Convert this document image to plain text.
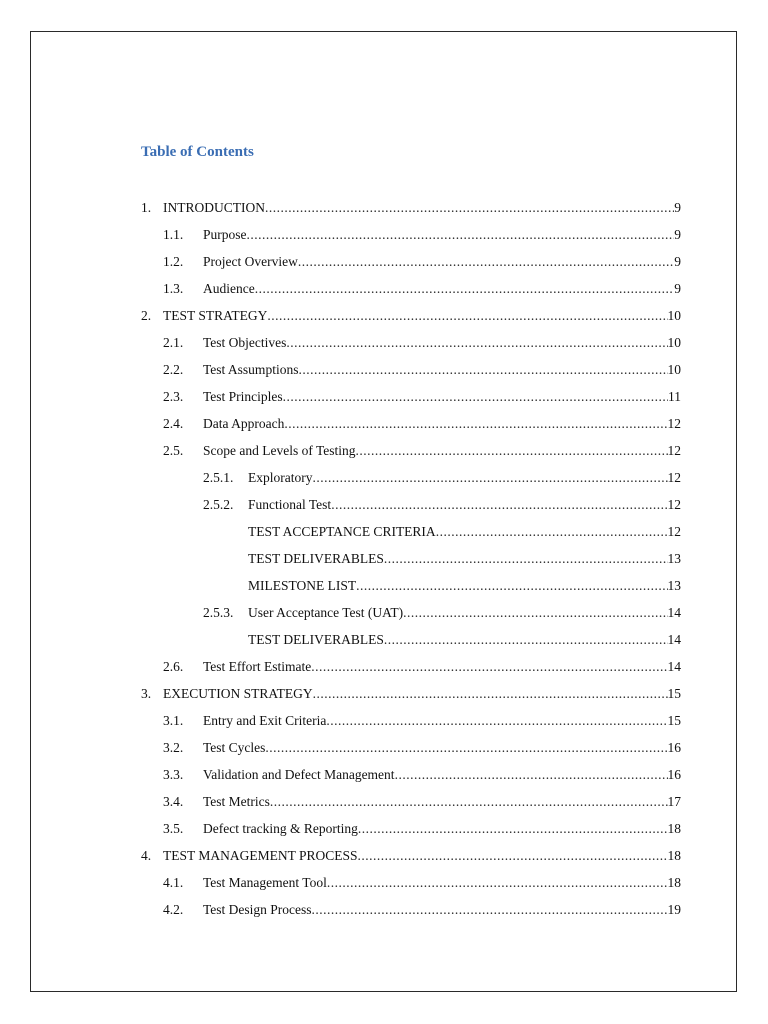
Table of Contents
1. INTRODUCTION .....	9
1.1. Purpose .....	9
1.2. Project Overview .....	9
1.3. Audience .....	9
2. TEST STRATEGY .....	10
2.1. Test Objectives .....	10
2.2. Test Assumptions .....	10
2.3. Test Principles .....	11
2.4. Data Approach .....	12
2.5. Scope and Levels of Testing .....	12
2.5.1. Exploratory .....	12
2.5.2. Functional Test .....	12
TEST ACCEPTANCE CRITERIA .....	12
TEST DELIVERABLES .....	13
MILESTONE LIST .....	13
2.5.3. User Acceptance Test (UAT) .....	14
TEST DELIVERABLES .....	14
2.6. Test Effort Estimate .....	14
3. EXECUTION STRATEGY .....	15
3.1. Entry and Exit Criteria .....	15
3.2. Test Cycles .....	16
3.3. Validation and Defect Management .....	16
3.4. Test Metrics .....	17
3.5. Defect tracking & Reporting .....	18
4. TEST MANAGEMENT PROCESS .....	18
4.1. Test Management Tool .....	18
4.2. Test Design Process .....	19
